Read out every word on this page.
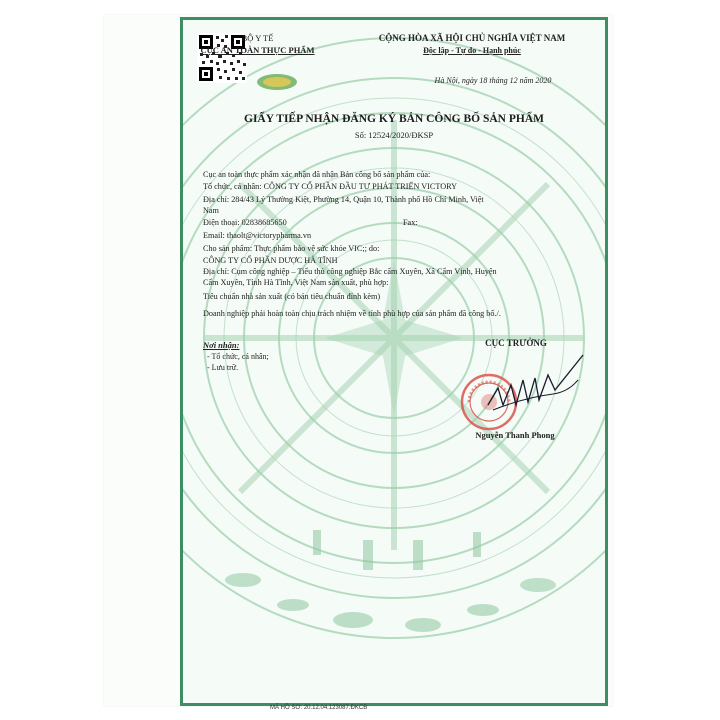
BỘ Y TẾ
CỤC AN TOÀN THỰC PHẨM
CỘNG HÒA XÃ HỘI CHỦ NGHĨA VIỆT NAM
Độc lập - Tự do - Hạnh phúc
Hà Nội, ngày 18 tháng 12 năm 2020
GIẤY TIẾP NHẬN ĐĂNG KÝ BẢN CÔNG BỐ SẢN PHẨM
Số: 12524/2020/ĐKSP
Cục an toàn thực phẩm xác nhận đã nhận Bản công bố sản phẩm của:
Tổ chức, cá nhân: CÔNG TY CỔ PHẦN ĐẦU TƯ PHÁT TRIỂN VICTORY
Địa chỉ: 284/43 Lý Thường Kiệt, Phường 14, Quận 10, Thành phố Hồ Chí Minh, Việt
Nam
Điện thoại: 02838685650	Fax:
Email: thaolt@victorypharma.vn
Cho sản phẩm: Thực phẩm bảo vệ sức khỏe VIC;; do:
CÔNG TY CỔ PHẦN DƯỢC HÀ TĨNH
Địa chỉ: Cụm công nghiệp – Tiểu thủ công nghiệp Bắc cẩm Xuyên, Xã Cẩm Vịnh, Huyện
Cẩm Xuyên, Tỉnh Hà Tĩnh, Việt Nam sản xuất, phù hợp:
Tiêu chuẩn nhà sản xuất (có bản tiêu chuẩn đính kèm)
Doanh nghiệp phải hoàn toàn chịu trách nhiệm về tính phù hợp của sản phẩm đã công bố./.
Nơi nhận:
- Tổ chức, cá nhân;
- Lưu trữ.
CỤC TRƯỞNG
Nguyễn Thanh Phong
MÃ HỒ SƠ: 20.12.04.123087.ĐKCB
